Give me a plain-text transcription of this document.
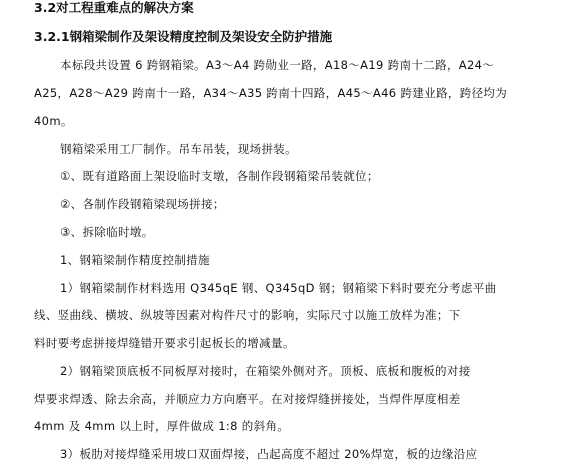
3.2对工程重难点的解决方案
3.2.1钢箱梁制作及架设精度控制及架设安全防护措施
本标段共设置 6 跨钢箱梁。A3～A4 跨勋业一路，A18～A19 跨南十二路，A24～
A25，A28～A29 跨南十一路，A34～A35 跨南十四路，A45～A46 跨建业路，跨径均为
40m。
钢箱梁采用工厂制作。吊车吊装，现场拼装。
①、既有道路面上架设临时支墩，各制作段钢箱梁吊装就位；
②、各制作段钢箱梁现场拼接；
③、拆除临时墩。
1、钢箱梁制作精度控制措施
1）钢箱梁制作材料选用 Q345qE 钢、Q345qD 钢；钢箱梁下料时要充分考虑平曲
线、竖曲线、横坡、纵坡等因素对构件尺寸的影响，实际尺寸以施工放样为准；下
料时要考虑拼接焊缝错开要求引起板长的增减量。
2）钢箱梁顶底板不同板厚对接时，在箱梁外侧对齐。顶板、底板和腹板的对接
焊要求焊透、除去余高，并顺应力方向磨平。在对接焊缝拼接处，当焊件厚度相差
4mm 及 4mm 以上时，厚件做成 1:8 的斜角。
3）板肋对接焊缝采用坡口双面焊接，凸起高度不超过 20%焊宽，板的边缘沿应
